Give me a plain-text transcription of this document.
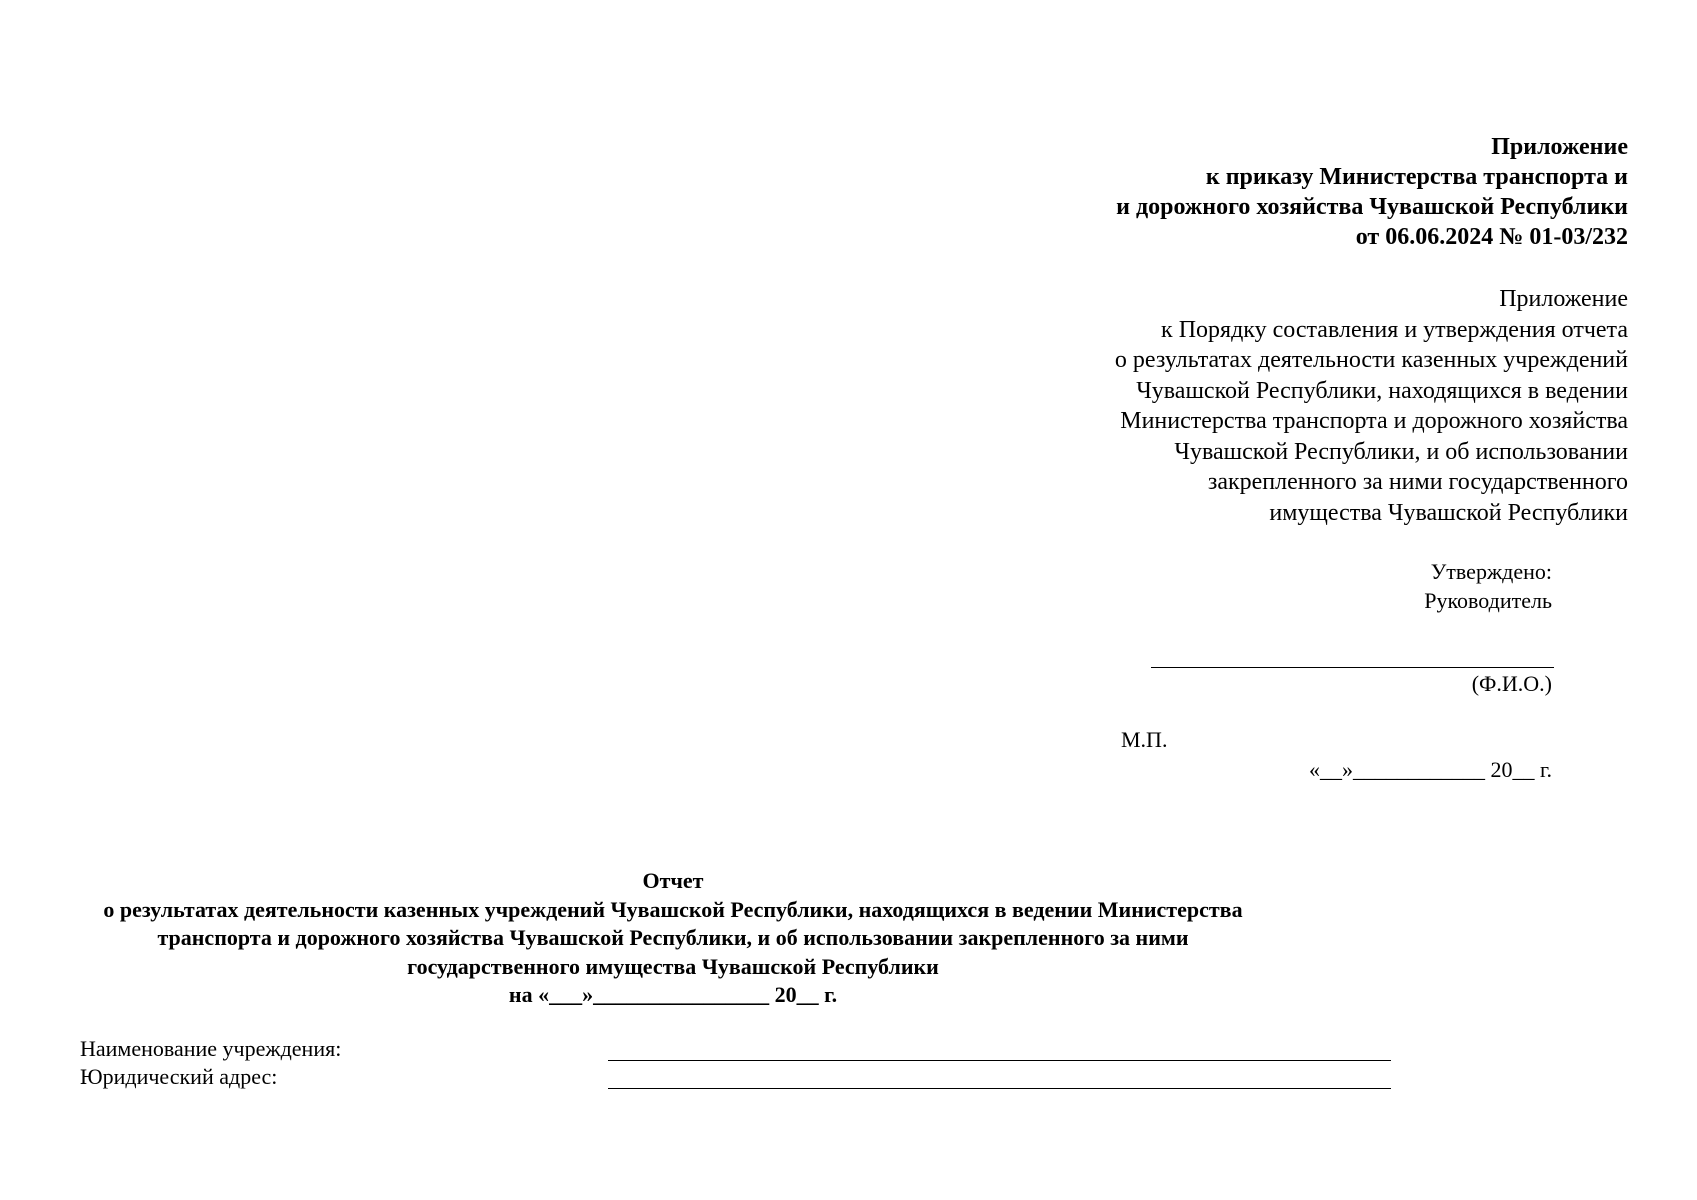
Приложение
к приказу Министерства транспорта и
и дорожного хозяйства Чувашской Республики
от 06.06.2024 № 01-03/232
Приложение
к Порядку составления и утверждения отчета
о результатах деятельности казенных учреждений
Чувашской Республики, находящихся в ведении
Министерства транспорта и дорожного хозяйства
Чувашской Республики, и об использовании
закрепленного за ними государственного
имущества Чувашской Республики
Утверждено:
Руководитель
(Ф.И.О.)
М.П.
«__»____________ 20__ г.
Отчет
о результатах деятельности казенных учреждений Чувашской Республики, находящихся в ведении Министерства
транспорта и дорожного хозяйства Чувашской Республики, и об использовании закрепленного за ними
государственного имущества Чувашской Республики
на «___»________________ 20__ г.
Наименование учреждения:
Юридический адрес:
